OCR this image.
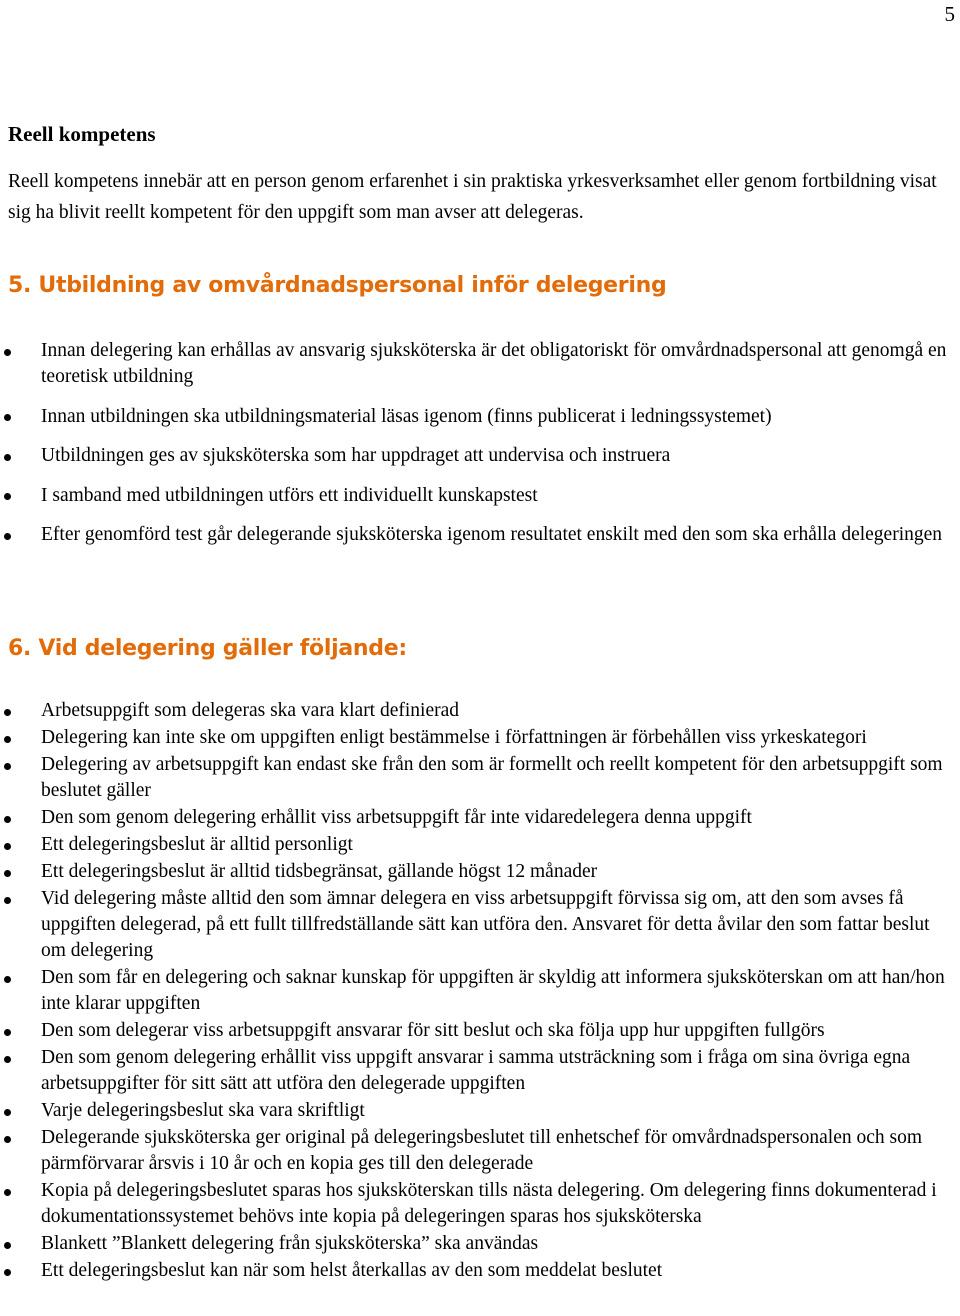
5
Reell kompetens

Reell kompetens innebär att en person genom erfarenhet i sin praktiska yrkesverksamhet eller genom fortbildning visat sig ha blivit reellt kompetent för den uppgift som man avser att delegeras.

5. Utbildning av omvårdnadspersonal inför delegering
Innan delegering kan erhållas av ansvarig sjuksköterska är det obligatoriskt för omvårdnadspersonal att genomgå en teoretisk utbildning
Innan utbildningen ska utbildningsmaterial läsas igenom (finns publicerat i ledningssystemet)
Utbildningen ges av sjuksköterska som har uppdraget att undervisa och instruera
I samband med utbildningen utförs ett individuellt kunskapstest
Efter genomförd test går delegerande sjuksköterska igenom resultatet enskilt med den som ska erhålla delegeringen
6. Vid delegering gäller följande:
Arbetsuppgift som delegeras ska vara klart definierad
Delegering kan inte ske om uppgiften enligt bestämmelse i författningen är förbehållen viss yrkeskategori
Delegering av arbetsuppgift kan endast ske från den som är formellt och reellt kompetent för den arbetsuppgift som beslutet gäller
Den som genom delegering erhållit viss arbetsuppgift får inte vidaredelegera denna uppgift
Ett delegeringsbeslut är alltid personligt
Ett delegeringsbeslut är alltid tidsbegränsat, gällande högst 12 månader
Vid delegering måste alltid den som ämnar delegera en viss arbetsuppgift förvissa sig om, att den som avses få uppgiften delegerad, på ett fullt tillfredställande sätt kan utföra den. Ansvaret för detta åvilar den som fattar beslut om delegering
Den som får en delegering och saknar kunskap för uppgiften är skyldig att informera sjuksköterskan om att han/hon inte klarar uppgiften
Den som delegerar viss arbetsuppgift ansvarar för sitt beslut och ska följa upp hur uppgiften fullgörs
Den som genom delegering erhållit viss uppgift ansvarar i samma utsträckning som i fråga om sina övriga egna arbetsuppgifter för sitt sätt att utföra den delegerade uppgiften
Varje delegeringsbeslut ska vara skriftligt
Delegerande sjuksköterska ger original på delegeringsbeslutet till enhetschef för omvårdnadspersonalen och som pärmförvarar årsvis i 10 år och en kopia ges till den delegerade
Kopia på delegeringsbeslutet sparas hos sjuksköterskan tills nästa delegering. Om delegering finns dokumenterad i dokumentationssystemet behövs inte kopia på delegeringen sparas hos sjuksköterska
Blankett ”Blankett delegering från sjuksköterska” ska användas
Ett delegeringsbeslut kan när som helst återkallas av den som meddelat beslutet
